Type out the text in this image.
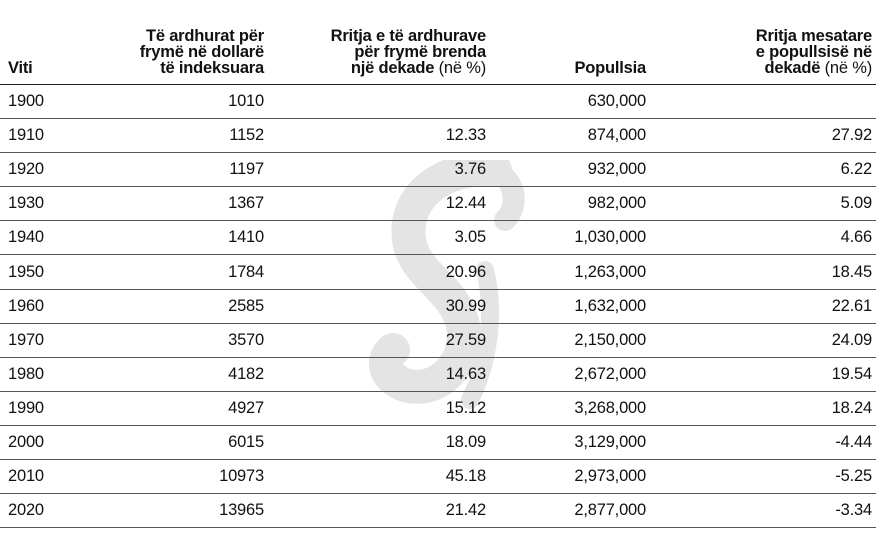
Viti	Të ardhurat për
frymë në dollarë
të indeksuara	Rritja e të ardhurave
për frymë brenda
një dekade (në %)	Popullsia	Rritja mesatare
e popullsisë në
dekadë (në %)
1900	1010		630,000	
1910	1152	12.33	874,000	27.92
1920	1197	3.76	932,000	6.22
1930	1367	12.44	982,000	5.09
1940	1410	3.05	1,030,000	4.66
1950	1784	20.96	1,263,000	18.45
1960	2585	30.99	1,632,000	22.61
1970	3570	27.59	2,150,000	24.09
1980	4182	14.63	2,672,000	19.54
1990	4927	15.12	3,268,000	18.24
2000	6015	18.09	3,129,000	-4.44
2010	10973	45.18	2,973,000	-5.25
2020	13965	21.42	2,877,000	-3.34
